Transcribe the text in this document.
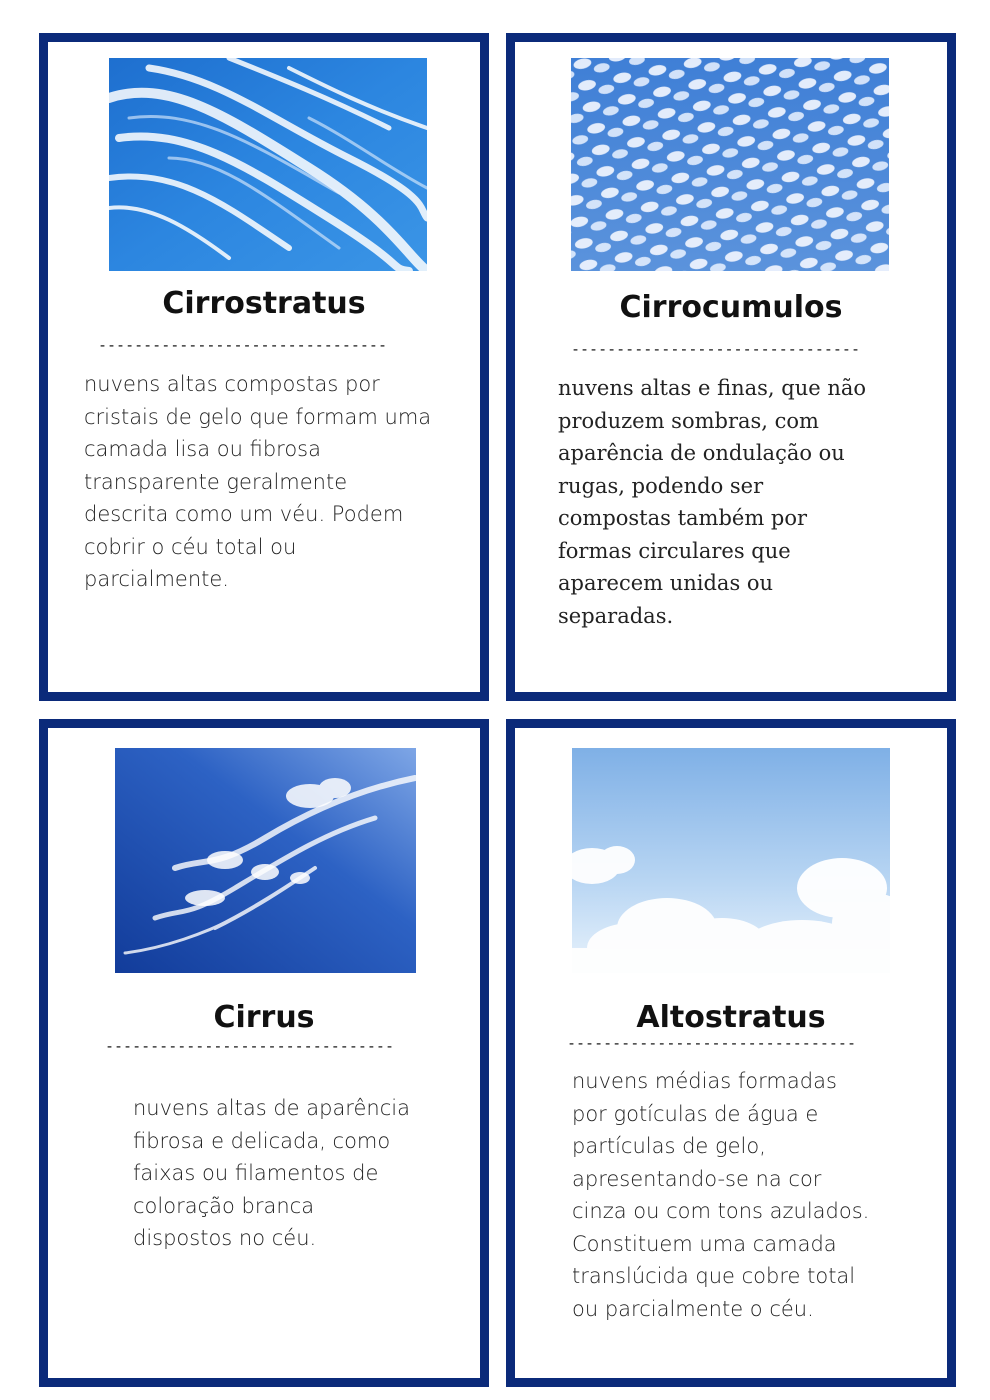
Cirrostratus
--------------------------------
nuvens altas compostas por
cristais de gelo que formam uma
camada lisa ou fibrosa
transparente geralmente
descrita como um véu. Podem
cobrir o céu total ou
parcialmente.
Cirrocumulos
--------------------------------
nuvens altas e finas, que não
produzem sombras, com
aparência de ondulação ou
rugas, podendo ser
compostas também por
formas circulares que
aparecem unidas ou
separadas.
Cirrus
--------------------------------
nuvens altas de aparência
fibrosa e delicada, como
faixas ou filamentos de
coloração branca
dispostos no céu.
Altostratus
--------------------------------
nuvens médias formadas
por gotículas de água e
partículas de gelo,
apresentando-se na cor
cinza ou com tons azulados.
Constituem uma camada
translúcida que cobre total
ou parcialmente o céu.
